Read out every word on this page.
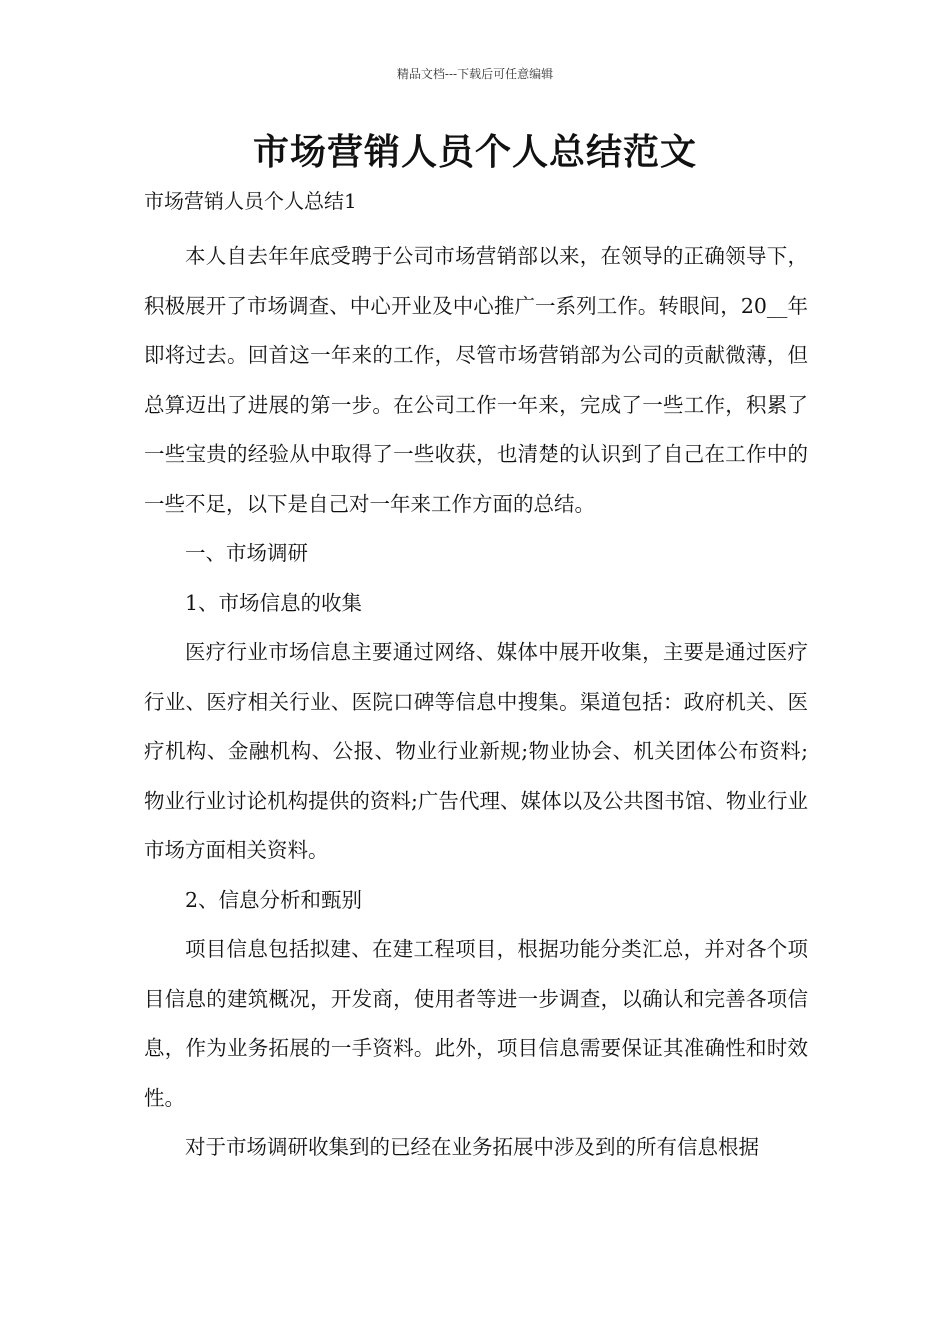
精品文档---下载后可任意编辑
市场营销人员个人总结范文
市场营销人员个人总结1

本人自去年年底受聘于公司市场营销部以来，在领导的正确领导下，积极展开了市场调查、中心开业及中心推广一系列工作。转眼间，20__年即将过去。回首这一年来的工作，尽管市场营销部为公司的贡献微薄，但总算迈出了进展的第一步。在公司工作一年来，完成了一些工作，积累了一些宝贵的经验从中取得了一些收获，也清楚的认识到了自己在工作中的一些不足，以下是自己对一年来工作方面的总结。

一、市场调研

1、市场信息的收集

医疗行业市场信息主要通过网络、媒体中展开收集，主要是通过医疗行业、医疗相关行业、医院口碑等信息中搜集。渠道包括：政府机关、医疗机构、金融机构、公报、物业行业新规;物业协会、机关团体公布资料;物业行业讨论机构提供的资料;广告代理、媒体以及公共图书馆、物业行业市场方面相关资料。

2、信息分析和甄别

项目信息包括拟建、在建工程项目，根据功能分类汇总，并对各个项目信息的建筑概况，开发商，使用者等进一步调查，以确认和完善各项信息，作为业务拓展的一手资料。此外，项目信息需要保证其准确性和时效性。

对于市场调研收集到的已经在业务拓展中涉及到的所有信息根据
